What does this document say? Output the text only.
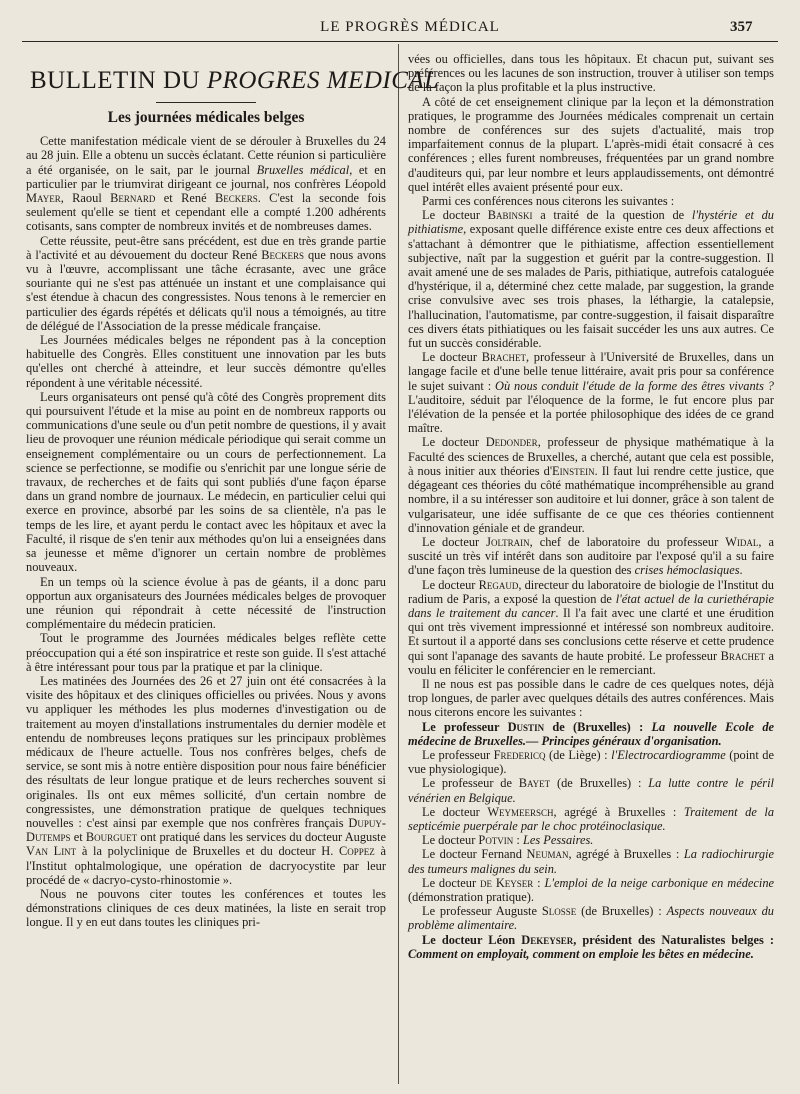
LE PROGRÈS MÉDICAL	357
BULLETIN DU PROGRES MEDICAL
Les journées médicales belges

Cette manifestation médicale vient de se dérouler à Bruxelles du 24 au 28 juin. Elle a obtenu un succès éclatant. Cette réunion si particulière a été organisée, on le sait, par le journal Bruxelles médical, et en particulier par le triumvirat dirigeant ce journal, nos confrères Léopold Mayer, Raoul Bernard et René Beckers. C'est la seconde fois seulement qu'elle se tient et cependant elle a compté 1.200 adhérents cotisants, sans compter de nombreux invités et de nombreuses dames.

Cette réussite, peut-être sans précédent, est due en très grande partie à l'activité et au dévouement du docteur René Beckers que nous avons vu à l'œuvre, accomplissant une tâche écrasante, avec une grâce souriante qui ne s'est pas atténuée un instant et une complaisance qui s'est étendue à chacun des congressistes. Nous tenons à le remercier en particulier des égards répétés et délicats qu'il nous a témoignés, au titre de délégué de l'Association de la presse médicale française.

Les Journées médicales belges ne répondent pas à la conception habituelle des Congrès. Elles constituent une innovation par les buts qu'elles ont cherché à atteindre, et leur succès démontre qu'elles répondent à une véritable nécessité.

Leurs organisateurs ont pensé qu'à côté des Congrès proprement dits qui poursuivent l'étude et la mise au point en de nombreux rapports ou communications d'une seule ou d'un petit nombre de questions, il y avait lieu de provoquer une réunion médicale périodique qui serait comme un enseignement complémentaire ou un cours de perfectionnement. La science se perfectionne, se modifie ou s'enrichit par une longue série de travaux, de recherches et de faits qui sont publiés d'une façon éparse dans un grand nombre de journaux. Le médecin, en particulier celui qui exerce en province, absorbé par les soins de sa clientèle, n'a pas le temps de les lire, et ayant perdu le contact avec les hôpitaux et avec la Faculté, il risque de s'en tenir aux méthodes qu'on lui a enseignées dans sa jeunesse et même d'ignorer un certain nombre de problèmes nouveaux.

En un temps où la science évolue à pas de géants, il a donc paru opportun aux organisateurs des Journées médicales belges de provoquer une réunion qui répondrait à cette nécessité de l'instruction complémentaire du médecin praticien.

Tout le programme des Journées médicales belges reflète cette préoccupation qui a été son inspiratrice et reste son guide. Il s'est attaché à être intéressant pour tous par la pratique et par la clinique.

Les matinées des Journées des 26 et 27 juin ont été consacrées à la visite des hôpitaux et des cliniques officielles ou privées. Nous y avons vu appliquer les méthodes les plus modernes d'investigation ou de traitement au moyen d'installations instrumentales du dernier modèle et entendu de nombreuses leçons pratiques sur les principaux problèmes médicaux de l'heure actuelle. Tous nos confrères belges, chefs de service, se sont mis à notre entière disposition pour nous faire bénéficier des résultats de leur longue pratique et de leurs recherches souvent si originales. Ils ont eux mêmes sollicité, d'un certain nombre de congressistes, une démonstration pratique de quelques techniques nouvelles : c'est ainsi par exemple que nos confrères français Dupuy-Dutemps et Bourguet ont pratiqué dans les services du docteur Auguste Van Lint à la polyclinique de Bruxelles et du docteur H. Coppez à l'Institut ophtalmologique, une opération de dacryocystite par leur procédé de « dacryo-cysto-rhinostomie ».

Nous ne pouvons citer toutes les conférences et toutes les démonstrations cliniques de ces deux matinées, la liste en serait trop longue. Il y en eut dans toutes les cliniques pri-

vées ou officielles, dans tous les hôpitaux. Et chacun put, suivant ses préférences ou les lacunes de son instruction, trouver à utiliser son temps de la façon la plus profitable et la plus instructive.

A côté de cet enseignement clinique par la leçon et la démonstration pratiques, le programme des Journées médicales comprenait un certain nombre de conférences sur des sujets d'actualité, mais trop imparfaitement connus de la plupart. L'après-midi était consacré à ces conférences ; elles furent nombreuses, fréquentées par un grand nombre d'auditeurs qui, par leur nombre et leurs applaudissements, ont démontré quel intérêt elles avaient présenté pour eux.

Parmi ces conférences nous citerons les suivantes :

Le docteur Babinski a traité de la question de l'hystérie et du pithiatisme, exposant quelle différence existe entre ces deux affections et s'attachant à démontrer que le pithiatisme, affection essentiellement subjective, naît par la suggestion et guérit par la contre-suggestion. Il avait amené une de ses malades de Paris, pithiatique, autrefois cataloguée d'hystérique, il a, déterminé chez cette malade, par suggestion, la grande crise convulsive avec ses trois phases, la léthargie, la catalepsie, l'hallucination, l'automatisme, par contre-suggestion, il faisait disparaître ces divers états pithiatiques ou les faisait succéder les uns aux autres. Ce fut un succès considérable.

Le docteur Brachet, professeur à l'Université de Bruxelles, dans un langage facile et d'une belle tenue littéraire, avait pris pour sa conférence le sujet suivant : Où nous conduit l'étude de la forme des êtres vivants ? L'auditoire, séduit par l'éloquence de la forme, le fut encore plus par l'élévation de la pensée et la portée philosophique des idées de ce grand maître.

Le docteur Dedonder, professeur de physique mathématique à la Faculté des sciences de Bruxelles, a cherché, autant que cela est possible, à nous initier aux théories d'Einstein. Il faut lui rendre cette justice, que dégageant ces théories du côté mathématique incompréhensible au grand nombre, il a su intéresser son auditoire et lui donner, grâce à son talent de vulgarisateur, une idée suffisante de ce que ces théories contiennent d'innovation géniale et de grandeur.

Le docteur Joltrain, chef de laboratoire du professeur Widal, a suscité un très vif intérêt dans son auditoire par l'exposé qu'il a su faire d'une façon très lumineuse de la question des crises hémoclasiques.

Le docteur Regaud, directeur du laboratoire de biologie de l'Institut du radium de Paris, a exposé la question de l'état actuel de la curiethérapie dans le traitement du cancer. Il l'a fait avec une clarté et une érudition qui ont très vivement impressionné et intéressé son nombreux auditoire. Et surtout il a apporté dans ses conclusions cette réserve et cette prudence qui sont l'apanage des savants de haute probité. Le professeur Brachet a voulu en féliciter le conférencier en le remerciant.

Il ne nous est pas possible dans le cadre de ces quelques notes, déjà trop longues, de parler avec quelques détails des autres conférences. Mais nous citerons encore les suivantes :

Le professeur Dustin de (Bruxelles) : La nouvelle Ecole de médecine de Bruxelles.— Principes généraux d'organisation.

Le professeur Fredericq (de Liège) : l'Electrocardiogramme (point de vue physiologique).

Le professeur de Bayet (de Bruxelles) : La lutte contre le péril vénérien en Belgique.

Le docteur Weymeersch, agrégé à Bruxelles : Traitement de la septicémie puerpérale par le choc protéinoclasique.

Le docteur Potvin : Les Pessaires.

Le docteur Fernand Neuman, agrégé à Bruxelles : La radiochirurgie des tumeurs malignes du sein.

Le docteur de Keyser : L'emploi de la neige carbonique en médecine (démonstration pratique).

Le professeur Auguste Slosse (de Bruxelles) : Aspects nouveaux du problème alimentaire.

Le docteur Léon Dekeyser, président des Naturalistes belges : Comment on employait, comment on emploie les bêtes en médecine.
